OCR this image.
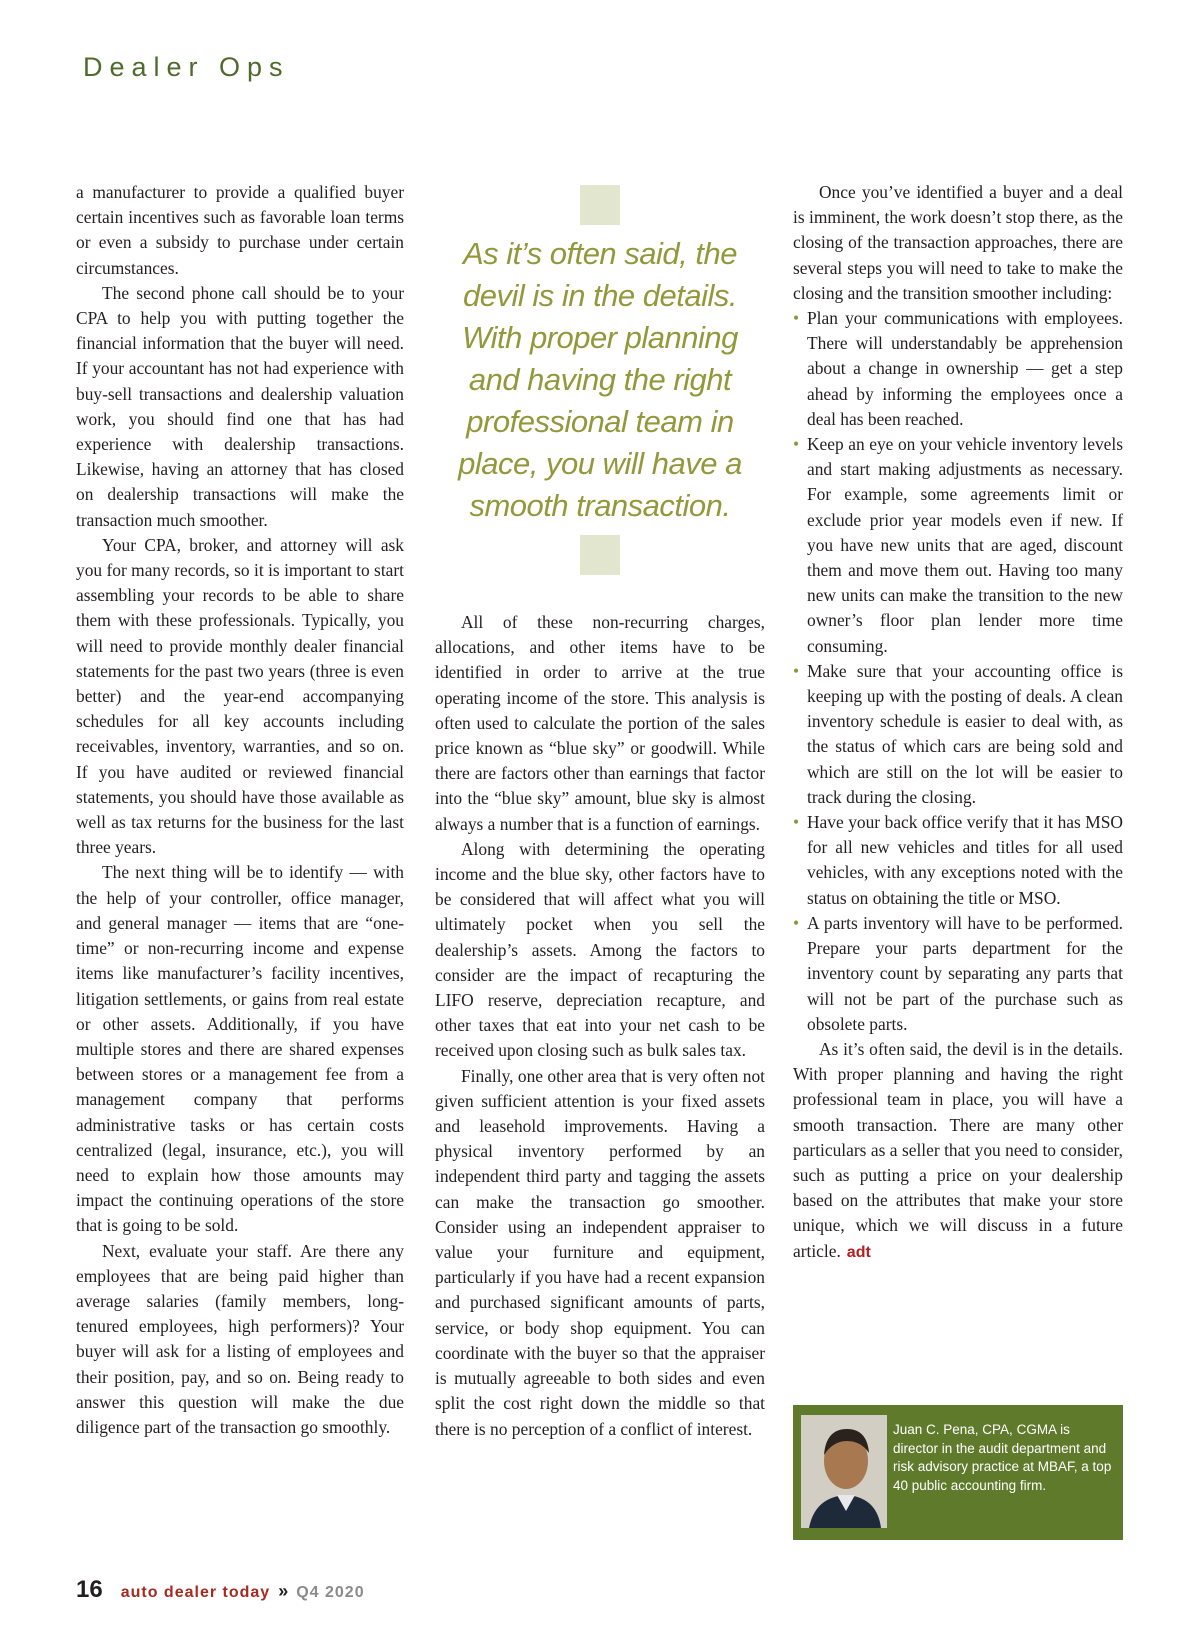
Dealer Ops

a manufacturer to provide a qualified buyer certain incentives such as favorable loan terms or even a subsidy to purchase under certain circumstances.

The second phone call should be to your CPA to help you with putting together the financial information that the buyer will need. If your accountant has not had experience with buy-sell transactions and dealership valuation work, you should find one that has had experience with dealership transactions. Likewise, having an attorney that has closed on dealership transactions will make the transaction much smoother.

Your CPA, broker, and attorney will ask you for many records, so it is important to start assembling your records to be able to share them with these professionals. Typically, you will need to provide monthly dealer financial statements for the past two years (three is even better) and the year-end accompanying schedules for all key accounts including receivables, inventory, warranties, and so on. If you have audited or reviewed financial statements, you should have those available as well as tax returns for the business for the last three years.

The next thing will be to identify — with the help of your controller, office manager, and general manager — items that are “one-time” or non-recurring income and expense items like manufacturer’s facility incentives, litigation settlements, or gains from real estate or other assets. Additionally, if you have multiple stores and there are shared expenses between stores or a management fee from a management company that performs administrative tasks or has certain costs centralized (legal, insurance, etc.), you will need to explain how those amounts may impact the continuing operations of the store that is going to be sold.

Next, evaluate your staff. Are there any employees that are being paid higher than average salaries (family members, long-tenured employees, high performers)? Your buyer will ask for a listing of employees and their position, pay, and so on. Being ready to answer this question will make the due diligence part of the transaction go smoothly.

As it’s often said, the devil is in the details. With proper planning and having the right professional team in place, you will have a smooth transaction.

All of these non-recurring charges, allocations, and other items have to be identified in order to arrive at the true operating income of the store. This analysis is often used to calculate the portion of the sales price known as “blue sky” or goodwill. While there are factors other than earnings that factor into the “blue sky” amount, blue sky is almost always a number that is a function of earnings.

Along with determining the operating income and the blue sky, other factors have to be considered that will affect what you will ultimately pocket when you sell the dealership’s assets. Among the factors to consider are the impact of recapturing the LIFO reserve, depreciation recapture, and other taxes that eat into your net cash to be received upon closing such as bulk sales tax.

Finally, one other area that is very often not given sufficient attention is your fixed assets and leasehold improvements. Having a physical inventory performed by an independent third party and tagging the assets can make the transaction go smoother. Consider using an independent appraiser to value your furniture and equipment, particularly if you have had a recent expansion and purchased significant amounts of parts, service, or body shop equipment. You can coordinate with the buyer so that the appraiser is mutually agreeable to both sides and even split the cost right down the middle so that there is no perception of a conflict of interest.

Once you’ve identified a buyer and a deal is imminent, the work doesn’t stop there, as the closing of the transaction approaches, there are several steps you will need to take to make the closing and the transition smoother including:

• Plan your communications with employees. There will understandably be apprehension about a change in ownership — get a step ahead by informing the employees once a deal has been reached.
• Keep an eye on your vehicle inventory levels and start making adjustments as necessary. For example, some agreements limit or exclude prior year models even if new. If you have new units that are aged, discount them and move them out. Having too many new units can make the transition to the new owner’s floor plan lender more time consuming.
• Make sure that your accounting office is keeping up with the posting of deals. A clean inventory schedule is easier to deal with, as the status of which cars are being sold and which are still on the lot will be easier to track during the closing.
• Have your back office verify that it has MSO for all new vehicles and titles for all used vehicles, with any exceptions noted with the status on obtaining the title or MSO.
• A parts inventory will have to be performed. Prepare your parts department for the inventory count by separating any parts that will not be part of the purchase such as obsolete parts.

As it’s often said, the devil is in the details. With proper planning and having the right professional team in place, you will have a smooth transaction. There are many other particulars as a seller that you need to consider, such as putting a price on your dealership based on the attributes that make your store unique, which we will discuss in a future article. adt

Juan C. Pena, CPA, CGMA is director in the audit department and risk advisory practice at MBAF, a top 40 public accounting firm.

16 auto dealer today » Q4 2020
